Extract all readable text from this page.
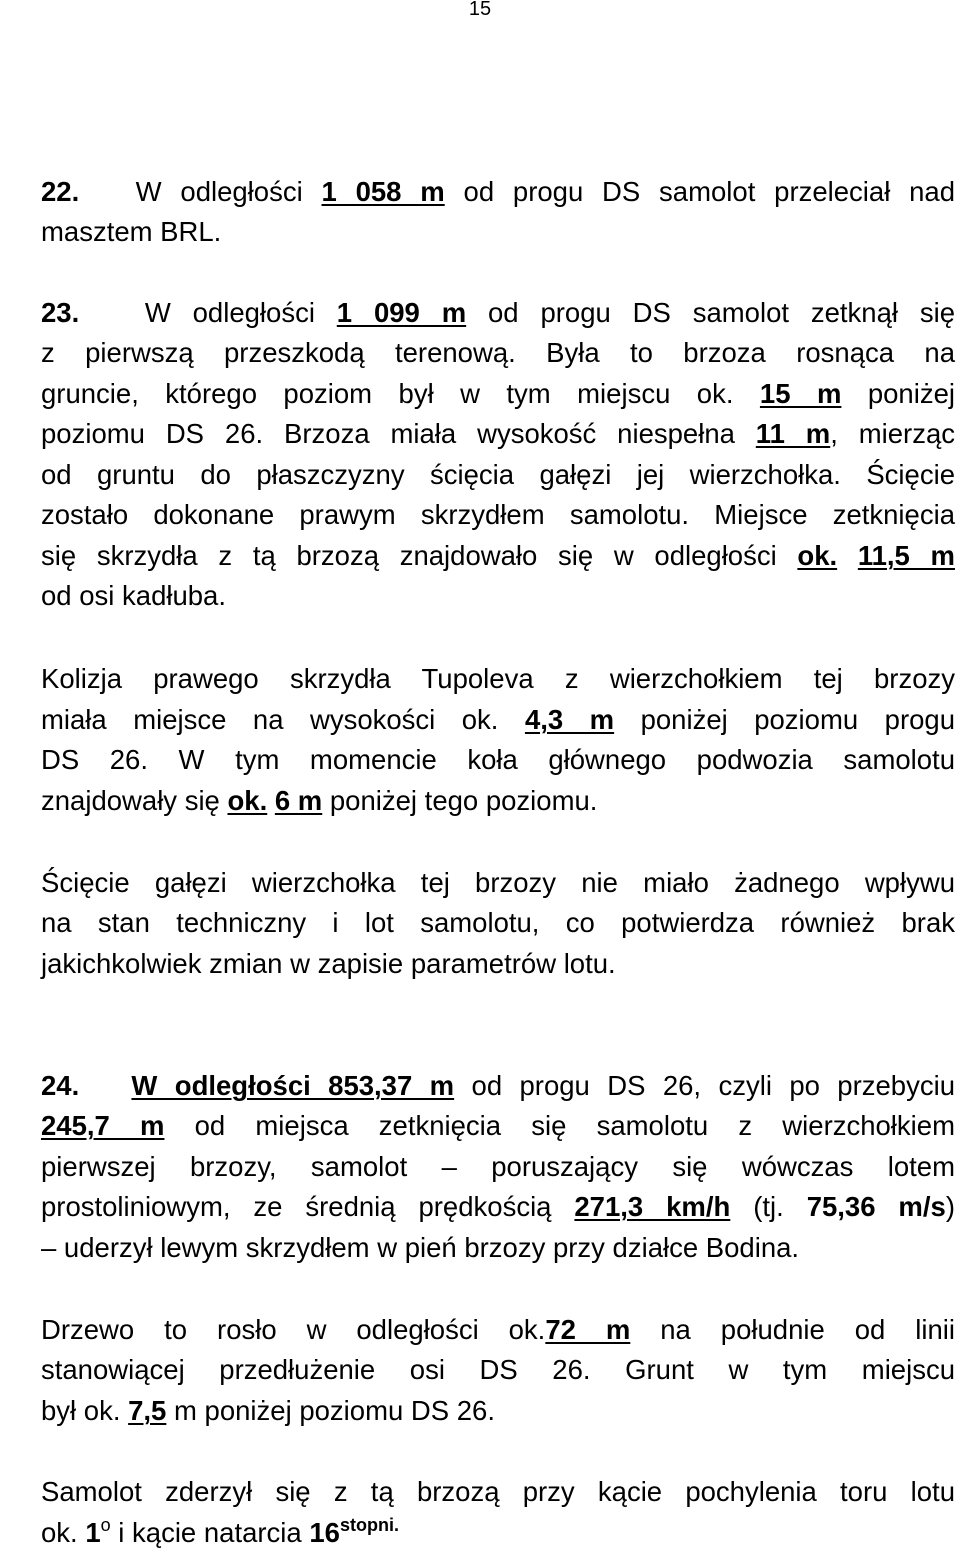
15
22. W odległości 1 058 m od progu DS samolot przeleciał nad
masztem BRL.
23. W odległości 1 099 m od progu DS samolot zetknął się
z pierwszą przeszkodą terenową. Była to brzoza rosnąca na
gruncie, którego poziom był w tym miejscu ok. 15 m poniżej
poziomu DS 26. Brzoza miała wysokość niespełna 11 m, mierząc
od gruntu do płaszczyzny ścięcia gałęzi jej wierzchołka. Ścięcie
zostało dokonane prawym skrzydłem samolotu. Miejsce zetknięcia
się skrzydła z tą brzozą znajdowało się w odległości ok. 11,5 m
od osi kadłuba.
Kolizja prawego skrzydła Tupoleva z wierzchołkiem tej brzozy
miała miejsce na wysokości ok. 4,3 m poniżej poziomu progu
DS 26. W tym momencie koła głównego podwozia samolotu
znajdowały się ok. 6 m poniżej tego poziomu.
Ścięcie gałęzi wierzchołka tej brzozy nie miało żadnego wpływu
na stan techniczny i lot samolotu, co potwierdza również brak
jakichkolwiek zmian w zapisie parametrów lotu.
24. W odległości 853,37 m od progu DS 26, czyli po przebyciu
245,7 m od miejsca zetknięcia się samolotu z wierzchołkiem
pierwszej brzozy, samolot – poruszający się wówczas lotem
prostoliniowym, ze średnią prędkością 271,3 km/h (tj. 75,36 m/s)
– uderzył lewym skrzydłem w pień brzozy przy działce Bodina.
Drzewo to rosło w odległości ok.72 m na południe od linii
stanowiącej przedłużenie osi DS 26. Grunt w tym miejscu
był ok. 7,5 m poniżej poziomu DS 26.
Samolot zderzył się z tą brzozą przy kącie pochylenia toru lotu
ok. 1$^o$ i kącie natarcia $16^{stopni.}$
